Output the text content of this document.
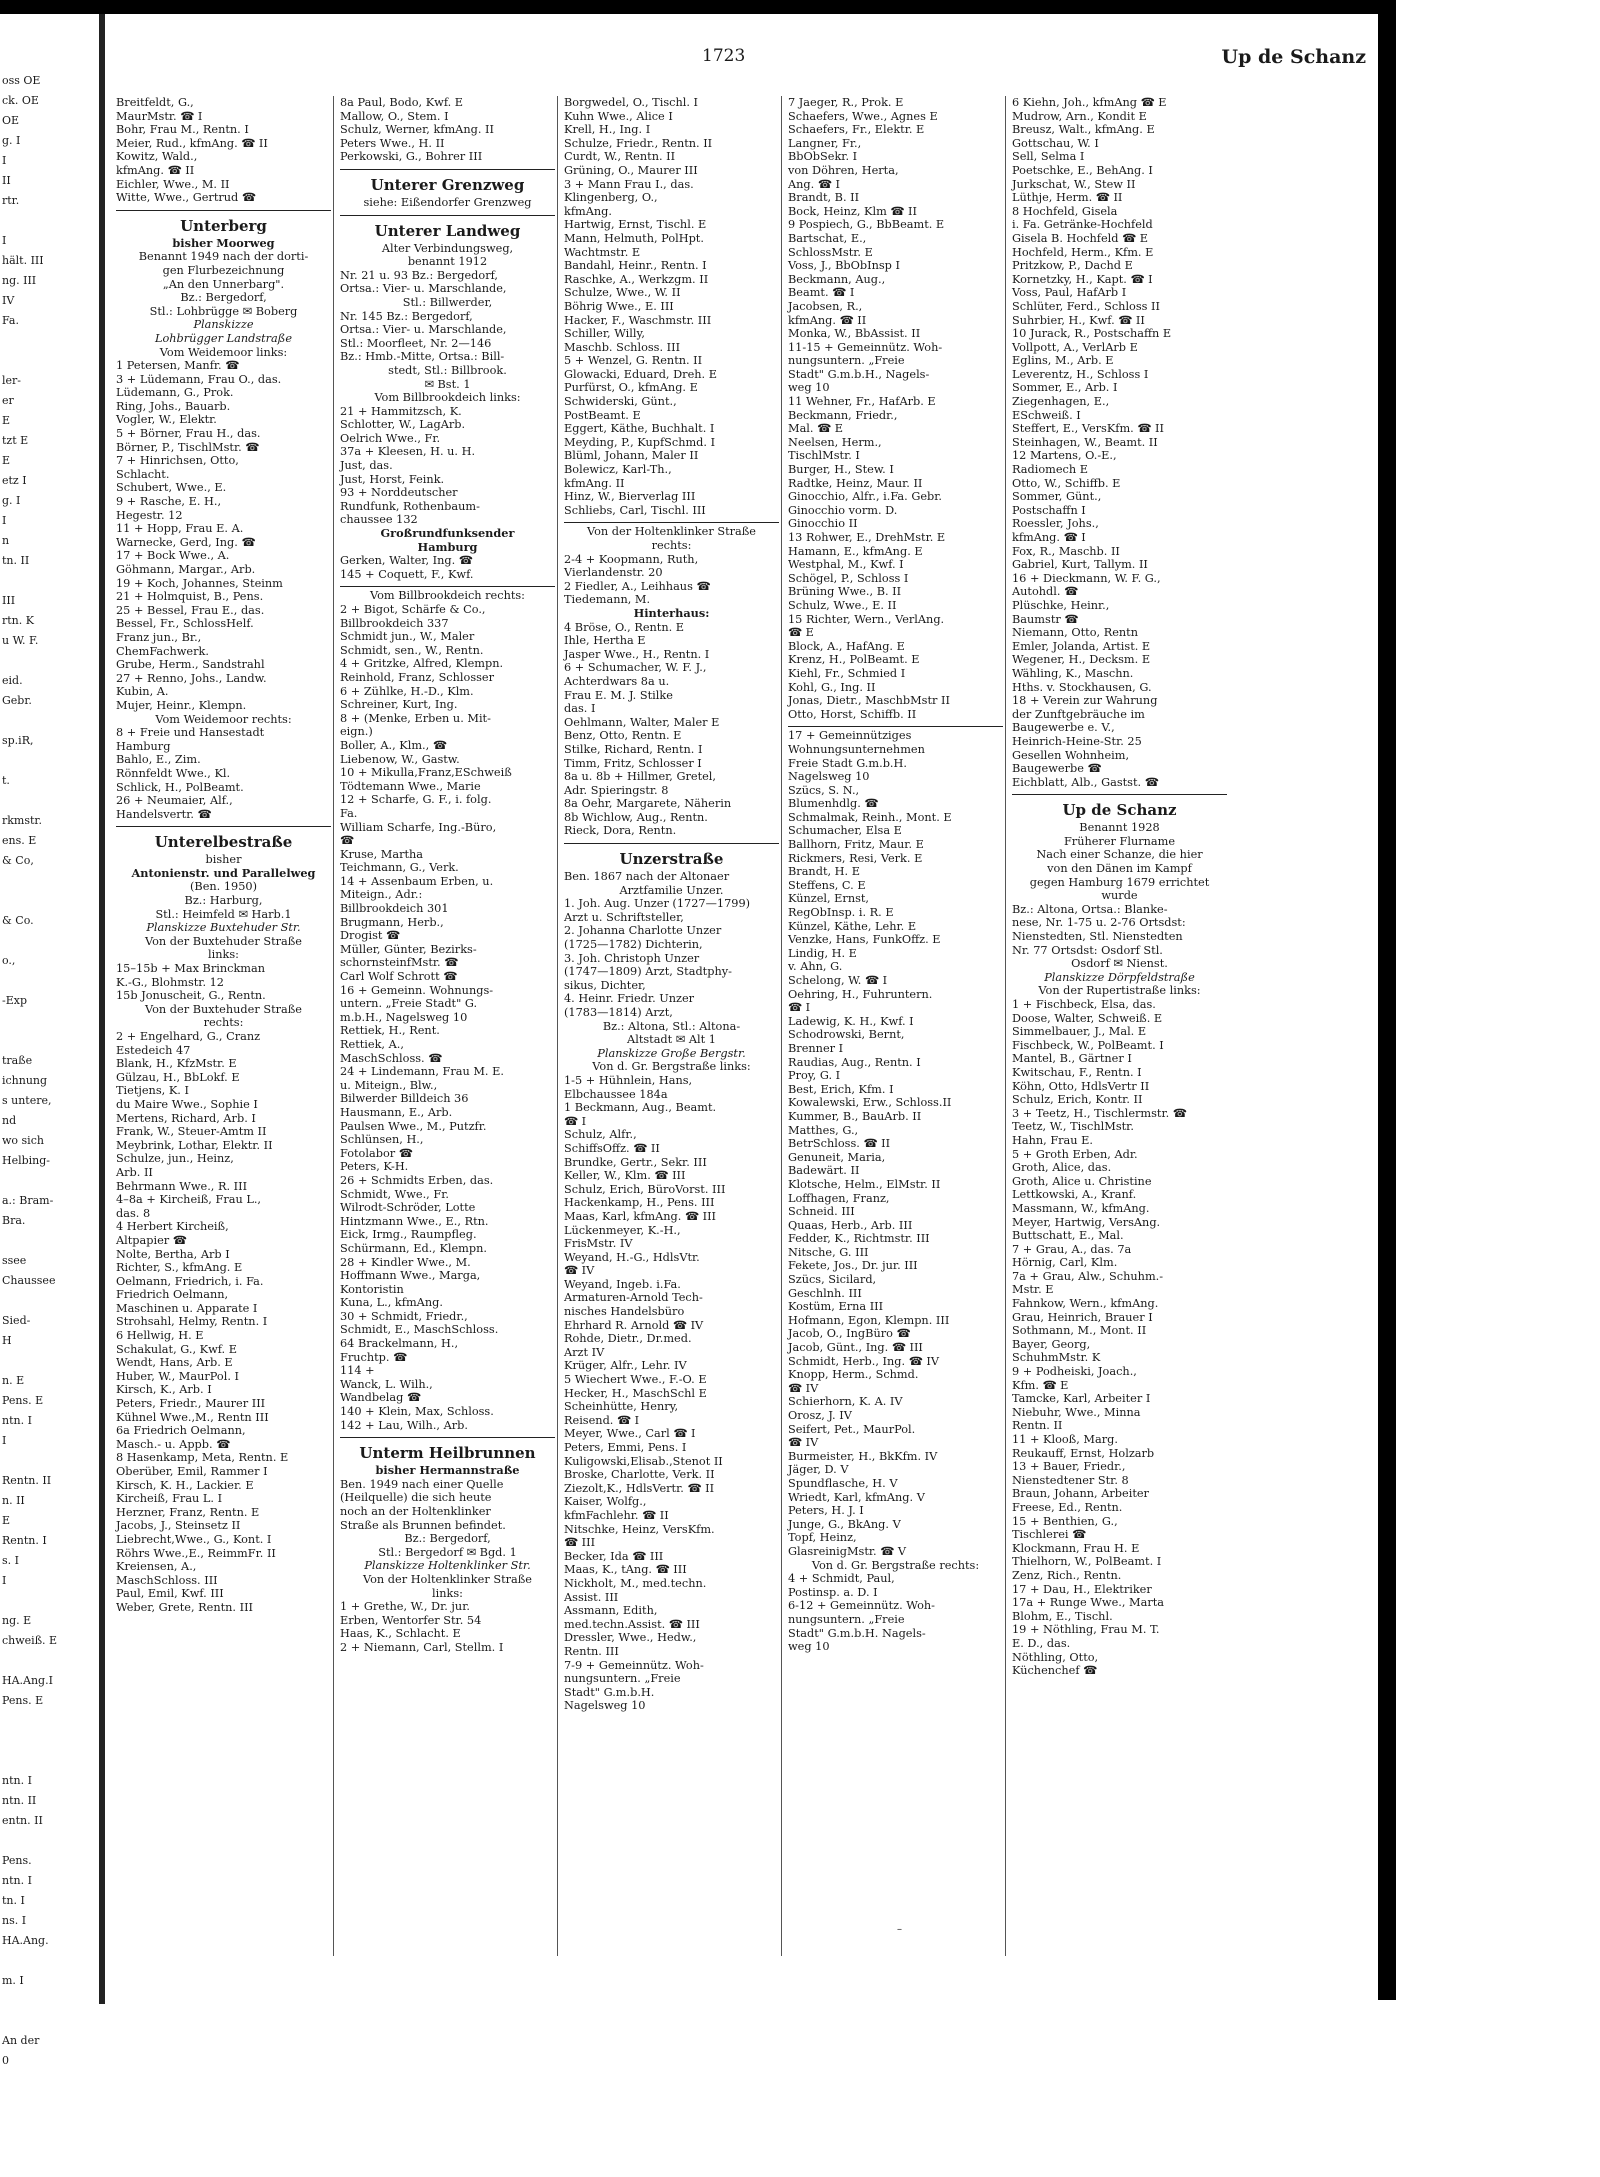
oss OE
ck. OE
OE
g. I
I
II
rtr.
I
hält. III
ng. III
IV
Fa.
ler-
er
E
tzt E
E
etz I
g. I
I
n
tn. II
III
rtn. K
u W. F.
eid.
Gebr.
sp.iR,
t.
rkmstr.
ens. E
& Co,
& Co.
o.,
-Exp
traße
ichnung
s untere,
nd
wo sich
Helbing-
a.: Bram-
Bra.
ssee
Chaussee
Sied-
H
n. E
Pens. E
ntn. I
I
Rentn. II
n. II
E
Rentn. I
s. I
I
ng. E
chweiß. E
HA.Ang.I
Pens. E
ntn. I
ntn. II
entn. II
Pens.
ntn. I
tn. I
ns. I
HA.Ang.
m. I
An der
0
1723	Up de Schanz
Breitfeldt, G.,
MaurMstr. ☎ I
Bohr, Frau M., Rentn. I
Meier, Rud., kfmAng. ☎ II
Kowitz, Wald.,
kfmAng. ☎ II
Eichler, Wwe., M. II
Witte, Wwe., Gertrud ☎
Unterberg
bisher Moorweg
Benannt 1949 nach der dorti-
gen Flurbezeichnung
„An den Unnerbarg".
Bz.: Bergedorf,
Stl.: Lohbrügge ✉ Boberg
Planskizze
Lohbrügger Landstraße
Vom Weidemoor links:
1 Petersen, Manfr. ☎
3 + Lüdemann, Frau O., das.
Lüdemann, G., Prok.
Ring, Johs., Bauarb.
Vogler, W., Elektr.
5 + Börner, Frau H., das.
Börner, P., TischlMstr. ☎
7 + Hinrichsen, Otto,
Schlacht.
Schubert, Wwe., E.
9 + Rasche, E. H.,
Hegestr. 12
11 + Hopp, Frau E. A.
Warnecke, Gerd, Ing. ☎
17 + Bock Wwe., A.
Göhmann, Margar., Arb.
19 + Koch, Johannes, Steinm
21 + Holmquist, B., Pens.
25 + Bessel, Frau E., das.
Bessel, Fr., SchlossHelf.
Franz jun., Br.,
ChemFachwerk.
Grube, Herm., Sandstrahl
27 + Renno, Johs., Landw.
Kubin, A.
Mujer, Heinr., Klempn.
Vom Weidemoor rechts:
8 + Freie und Hansestadt
Hamburg
Bahlo, E., Zim.
Rönnfeldt Wwe., Kl.
Schlick, H., PolBeamt.
26 + Neumaier, Alf.,
Handelsvertr. ☎
Unterelbestraße
bisher
Antonienstr. und Parallelweg
(Ben. 1950)
Bz.: Harburg,
Stl.: Heimfeld ✉ Harb.1
Planskizze Buxtehuder Str.
Von der Buxtehuder Straße
links:
15–15b + Max Brinckman
K.-G., Blohmstr. 12
15b Jonuscheit, G., Rentn.
Von der Buxtehuder Straße
rechts:
2 + Engelhard, G., Cranz
Estedeich 47
Blank, H., KfzMstr. E
Gülzau, H., BbLokf. E
Tietjens, K. I
du Maire Wwe., Sophie I
Mertens, Richard, Arb. I
Frank, W., Steuer-Amtm II
Meybrink, Lothar, Elektr. II
Schulze, jun., Heinz,
Arb. II
Behrmann Wwe., R. III
4–8a + Kircheiß, Frau L.,
das. 8
4 Herbert Kircheiß,
Altpapier ☎
Nolte, Bertha, Arb I
Richter, S., kfmAng. E
Oelmann, Friedrich, i. Fa.
Friedrich Oelmann,
Maschinen u. Apparate I
Strohsahl, Helmy, Rentn. I
6 Hellwig, H. E
Schakulat, G., Kwf. E
Wendt, Hans, Arb. E
Huber, W., MaurPol. I
Kirsch, K., Arb. I
Peters, Friedr., Maurer III
Kühnel Wwe.,M., Rentn III
6a Friedrich Oelmann,
Masch.- u. Appb. ☎
8 Hasenkamp, Meta, Rentn. E
Oberüber, Emil, Rammer I
Kirsch, K. H., Lackier. E
Kircheiß, Frau L. I
Herzner, Franz, Rentn. E
Jacobs, J., Steinsetz II
Liebrecht,Wwe., G., Kont. I
Röhrs Wwe.,E., ReimmFr. II
Kreiensen, A.,
MaschSchloss. III
Paul, Emil, Kwf. III
Weber, Grete, Rentn. III
8a Paul, Bodo, Kwf. E
Mallow, O., Stem. I
Schulz, Werner, kfmAng. II
Peters Wwe., H. II
Perkowski, G., Bohrer III
Unterer Grenzweg
siehe: Eißendorfer Grenzweg
Unterer Landweg
Alter Verbindungsweg,
benannt 1912
Nr. 21 u. 93 Bz.: Bergedorf,
Ortsa.: Vier- u. Marschlande,
Stl.: Billwerder,
Nr. 145 Bz.: Bergedorf,
Ortsa.: Vier- u. Marschlande,
Stl.: Moorfleet, Nr. 2—146
Bz.: Hmb.-Mitte, Ortsa.: Bill-
stedt, Stl.: Billbrook.
✉ Bst. 1
Vom Billbrookdeich links:
21 + Hammitzsch, K.
Schlotter, W., LagArb.
Oelrich Wwe., Fr.
37a + Kleesen, H. u. H.
Just, das.
Just, Horst, Feink.
93 + Norddeutscher
Rundfunk, Rothenbaum-
chaussee 132
Großrundfunksender
Hamburg
Gerken, Walter, Ing. ☎
145 + Coquett, F., Kwf.
Vom Billbrookdeich rechts:
2 + Bigot, Schärfe & Co.,
Billbrookdeich 337
Schmidt jun., W., Maler
Schmidt, sen., W., Rentn.
4 + Gritzke, Alfred, Klempn.
Reinhold, Franz, Schlosser
6 + Zühlke, H.-D., Klm.
Schreiner, Kurt, Ing.
8 + (Menke, Erben u. Mit-
eign.)
Boller, A., Klm., ☎
Liebenow, W., Gastw.
10 + Mikulla,Franz,ESchweiß
Tödtemann Wwe., Marie
12 + Scharfe, G. F., i. folg.
Fa.
William Scharfe, Ing.-Büro,
☎
Kruse, Martha
Teichmann, G., Verk.
14 + Assenbaum Erben, u.
Miteign., Adr.:
Billbrookdeich 301
Brugmann, Herb.,
Drogist ☎
Müller, Günter, Bezirks-
schornsteinfMstr. ☎
Carl Wolf Schrott ☎
16 + Gemeinn. Wohnungs-
untern. „Freie Stadt" G.
m.b.H., Nagelsweg 10
Rettiek, H., Rent.
Rettiek, A.,
MaschSchloss. ☎
24 + Lindemann, Frau M. E.
u. Miteign., Blw.,
Bilwerder Billdeich 36
Hausmann, E., Arb.
Paulsen Wwe., M., Putzfr.
Schlünsen, H.,
Fotolabor ☎
Peters, K-H.
26 + Schmidts Erben, das.
Schmidt, Wwe., Fr.
Wilrodt-Schröder, Lotte
Hintzmann Wwe., E., Rtn.
Eick, Irmg., Raumpfleg.
Schürmann, Ed., Klempn.
28 + Kindler Wwe., M.
Hoffmann Wwe., Marga,
Kontoristin
Kuna, L., kfmAng.
30 + Schmidt, Friedr.,
Schmidt, E., MaschSchloss.
64 Brackelmann, H.,
Fruchtp. ☎
114 +
Wanck, L. Wilh.,
Wandbelag ☎
140 + Klein, Max, Schloss.
142 + Lau, Wilh., Arb.
Unterm Heilbrunnen
bisher Hermannstraße
Ben. 1949 nach einer Quelle
(Heilquelle) die sich heute
noch an der Holtenklinker
Straße als Brunnen befindet.
Bz.: Bergedorf,
Stl.: Bergedorf ✉ Bgd. 1
Planskizze Holtenklinker Str.
Von der Holtenklinker Straße
links:
1 + Grethe, W., Dr. jur.
Erben, Wentorfer Str. 54
Haas, K., Schlacht. E
2 + Niemann, Carl, Stellm. I
Borgwedel, O., Tischl. I
Kuhn Wwe., Alice I
Krell, H., Ing. I
Schulze, Friedr., Rentn. II
Curdt, W., Rentn. II
Grüning, O., Maurer III
3 + Mann Frau I., das.
Klingenberg, O.,
kfmAng.
Hartwig, Ernst, Tischl. E
Mann, Helmuth, PolHpt.
Wachtmstr. E
Bandahl, Heinr., Rentn. I
Raschke, A., Werkzgm. II
Schulze, Wwe., W. II
Böhrig Wwe., E. III
Hacker, F., Waschmstr. III
Schiller, Willy,
Maschb. Schloss. III
5 + Wenzel, G. Rentn. II
Glowacki, Eduard, Dreh. E
Purfürst, O., kfmAng. E
Schwiderski, Günt.,
PostBeamt. E
Eggert, Käthe, Buchhalt. I
Meyding, P., KupfSchmd. I
Blüml, Johann, Maler II
Bolewicz, Karl-Th.,
kfmAng. II
Hinz, W., Bierverlag III
Schliebs, Carl, Tischl. III
Von der Holtenklinker Straße
rechts:
2-4 + Koopmann, Ruth,
Vierlandenstr. 20
2 Fiedler, A., Leihhaus ☎
Tiedemann, M.
Hinterhaus:
4 Bröse, O., Rentn. E
Ihle, Hertha E
Jasper Wwe., H., Rentn. I
6 + Schumacher, W. F. J.,
Achterdwars 8a u.
Frau E. M. J. Stilke
das. I
Oehlmann, Walter, Maler E
Benz, Otto, Rentn. E
Stilke, Richard, Rentn. I
Timm, Fritz, Schlosser I
8a u. 8b + Hillmer, Gretel,
Adr. Spieringstr. 8
8a Oehr, Margarete, Näherin
8b Wichlow, Aug., Rentn.
Rieck, Dora, Rentn.
Unzerstraße
Ben. 1867 nach der Altonaer
Arztfamilie Unzer.
1. Joh. Aug. Unzer (1727—1799)
Arzt u. Schriftsteller,
2. Johanna Charlotte Unzer
(1725—1782) Dichterin,
3. Joh. Christoph Unzer
(1747—1809) Arzt, Stadtphy-
sikus, Dichter,
4. Heinr. Friedr. Unzer
(1783—1814) Arzt,
Bz.: Altona, Stl.: Altona-
Altstadt ✉ Alt 1
Planskizze Große Bergstr.
Von d. Gr. Bergstraße links:
1-5 + Hühnlein, Hans,
Elbchaussee 184a
1 Beckmann, Aug., Beamt.
☎ I
Schulz, Alfr.,
SchiffsOffz. ☎ II
Brundke, Gertr., Sekr. III
Keller, W., Klm. ☎ III
Schulz, Erich, BüroVorst. III
Hackenkamp, H., Pens. III
Maas, Karl, kfmAng. ☎ III
Lückenmeyer, K.-H.,
FrisMstr. IV
Weyand, H.-G., HdlsVtr.
☎ IV
Weyand, Ingeb. i.Fa.
Armaturen-Arnold Tech-
nisches Handelsbüro
Ehrhard R. Arnold ☎ IV
Rohde, Dietr., Dr.med.
Arzt IV
Krüger, Alfr., Lehr. IV
5 Wiechert Wwe., F.-O. E
Hecker, H., MaschSchl E
Scheinhütte, Henry,
Reisend. ☎ I
Meyer, Wwe., Carl ☎ I
Peters, Emmi, Pens. I
Kuligowski,Elisab.,Stenot II
Broske, Charlotte, Verk. II
Ziezolt,K., HdlsVertr. ☎ II
Kaiser, Wolfg.,
kfmFachlehr. ☎ II
Nitschke, Heinz, VersKfm.
☎ III
Becker, Ida ☎ III
Maas, K., tAng. ☎ III
Nickholt, M., med.techn.
Assist. III
Assmann, Edith,
med.techn.Assist. ☎ III
Dressler, Wwe., Hedw.,
Rentn. III
7-9 + Gemeinnütz. Woh-
nungsuntern. „Freie
Stadt" G.m.b.H.
Nagelsweg 10
7 Jaeger, R., Prok. E
Schaefers, Wwe., Agnes E
Schaefers, Fr., Elektr. E
Langner, Fr.,
BbObSekr. I
von Döhren, Herta,
Ang. ☎ I
Brandt, B. II
Bock, Heinz, Klm ☎ II
9 Pospiech, G., BbBeamt. E
Bartschat, E.,
SchlossMstr. E
Voss, J., BbObInsp I
Beckmann, Aug.,
Beamt. ☎ I
Jacobsen, R.,
kfmAng. ☎ II
Monka, W., BbAssist. II
11-15 + Gemeinnütz. Woh-
nungsuntern. „Freie
Stadt" G.m.b.H., Nagels-
weg 10
11 Wehner, Fr., HafArb. E
Beckmann, Friedr.,
Mal. ☎ E
Neelsen, Herm.,
TischlMstr. I
Burger, H., Stew. I
Radtke, Heinz, Maur. II
Ginocchio, Alfr., i.Fa. Gebr.
Ginocchio vorm. D.
Ginocchio II
13 Rohwer, E., DrehMstr. E
Hamann, E., kfmAng. E
Westphal, M., Kwf. I
Schögel, P., Schloss I
Brüning Wwe., B. II
Schulz, Wwe., E. II
15 Richter, Wern., VerlAng.
☎ E
Block, A., HafAng. E
Krenz, H., PolBeamt. E
Kiehl, Fr., Schmied I
Kohl, G., Ing. II
Jonas, Dietr., MaschbMstr II
Otto, Horst, Schiffb. II
17 + Gemeinnütziges
Wohnungsunternehmen
Freie Stadt G.m.b.H.
Nagelsweg 10
Szücs, S. N.,
Blumenhdlg. ☎
Schmalmak, Reinh., Mont. E
Schumacher, Elsa E
Ballhorn, Fritz, Maur. E
Rickmers, Resi, Verk. E
Brandt, H. E
Steffens, C. E
Künzel, Ernst,
RegObInsp. i. R. E
Künzel, Käthe, Lehr. E
Venzke, Hans, FunkOffz. E
Lindig, H. E
v. Ahn, G.
Schelong, W. ☎ I
Oehring, H., Fuhruntern.
☎ I
Ladewig, K. H., Kwf. I
Schodrowski, Bernt,
Brenner I
Raudias, Aug., Rentn. I
Proy, G. I
Best, Erich, Kfm. I
Kowalewski, Erw., Schloss.II
Kummer, B., BauArb. II
Matthes, G.,
BetrSchloss. ☎ II
Genuneit, Maria,
Badewärt. II
Klotsche, Helm., ElMstr. II
Loffhagen, Franz,
Schneid. III
Quaas, Herb., Arb. III
Fedder, K., Richtmstr. III
Nitsche, G. III
Fekete, Jos., Dr. jur. III
Szücs, Sicilard,
Geschlnh. III
Kostüm, Erna III
Hofmann, Egon, Klempn. III
Jacob, O., IngBüro ☎
Jacob, Günt., Ing. ☎ III
Schmidt, Herb., Ing. ☎ IV
Knopp, Herm., Schmd.
☎ IV
Schierhorn, K. A. IV
Orosz, J. IV
Seifert, Pet., MaurPol.
☎ IV
Burmeister, H., BkKfm. IV
Jäger, D. V
Spundflasche, H. V
Wriedt, Karl, kfmAng. V
Peters, H. J. I
Junge, G., BkAng. V
Topf, Heinz,
GlasreinigMstr. ☎ V
Von d. Gr. Bergstraße rechts:
4 + Schmidt, Paul,
Postinsp. a. D. I
6-12 + Gemeinnütz. Woh-
nungsuntern. „Freie
Stadt" G.m.b.H. Nagels-
weg 10
6 Kiehn, Joh., kfmAng ☎ E
Mudrow, Arn., Kondit E
Breusz, Walt., kfmAng. E
Gottschau, W. I
Sell, Selma I
Poetschke, E., BehAng. I
Jurkschat, W., Stew II
Lüthje, Herm. ☎ II
8 Hochfeld, Gisela
i. Fa. Getränke-Hochfeld
Gisela B. Hochfeld ☎ E
Hochfeld, Herm., Kfm. E
Pritzkow, P., Dachd E
Kornetzky, H., Kapt. ☎ I
Voss, Paul, HafArb I
Schlüter, Ferd., Schloss II
Suhrbier, H., Kwf. ☎ II
10 Jurack, R., Postschaffn E
Vollpott, A., VerlArb E
Eglins, M., Arb. E
Leverentz, H., Schloss I
Sommer, E., Arb. I
Ziegenhagen, E.,
ESchweiß. I
Steffert, E., VersKfm. ☎ II
Steinhagen, W., Beamt. II
12 Martens, O.-E.,
Radiomech E
Otto, W., Schiffb. E
Sommer, Günt.,
Postschaffn I
Roessler, Johs.,
kfmAng. ☎ I
Fox, R., Maschb. II
Gabriel, Kurt, Tallym. II
16 + Dieckmann, W. F. G.,
Autohdl. ☎
Plüschke, Heinr.,
Baumstr ☎
Niemann, Otto, Rentn
Emler, Jolanda, Artist. E
Wegener, H., Decksm. E
Wähling, K., Maschn.
Hths. v. Stockhausen, G.
18 + Verein zur Wahrung
der Zunftgebräuche im
Baugewerbe e. V.,
Heinrich-Heine-Str. 25
Gesellen Wohnheim,
Baugewerbe ☎
Eichblatt, Alb., Gastst. ☎
Up de Schanz
Benannt 1928
Früherer Flurname
Nach einer Schanze, die hier
von den Dänen im Kampf
gegen Hamburg 1679 errichtet
wurde
Bz.: Altona, Ortsa.: Blanke-
nese, Nr. 1-75 u. 2-76 Ortsdst:
Nienstedten, Stl. Nienstedten
Nr. 77 Ortsdst: Osdorf Stl.
Osdorf ✉ Nienst.
Planskizze Dörpfeldstraße
Von der Rupertistraße links:
1 + Fischbeck, Elsa, das.
Doose, Walter, Schweiß. E
Simmelbauer, J., Mal. E
Fischbeck, W., PolBeamt. I
Mantel, B., Gärtner I
Kwitschau, F., Rentn. I
Köhn, Otto, HdlsVertr II
Schulz, Erich, Kontr. II
3 + Teetz, H., Tischlermstr. ☎
Teetz, W., TischlMstr.
Hahn, Frau E.
5 + Groth Erben, Adr.
Groth, Alice, das.
Groth, Alice u. Christine
Lettkowski, A., Kranf.
Massmann, W., kfmAng.
Meyer, Hartwig, VersAng.
Buttschatt, E., Mal.
7 + Grau, A., das. 7a
Hörnig, Carl, Klm.
7a + Grau, Alw., Schuhm.-
Mstr. E
Fahnkow, Wern., kfmAng.
Grau, Heinrich, Brauer I
Sothmann, M., Mont. II
Bayer, Georg,
SchuhmMstr. K
9 + Podheiski, Joach.,
Kfm. ☎ E
Tamcke, Karl, Arbeiter I
Niebuhr, Wwe., Minna
Rentn. II
11 + Klooß, Marg.
Reukauff, Ernst, Holzarb
13 + Bauer, Friedr.,
Nienstedtener Str. 8
Braun, Johann, Arbeiter
Freese, Ed., Rentn.
15 + Benthien, G.,
Tischlerei ☎
Klockmann, Frau H. E
Thielhorn, W., PolBeamt. I
Zenz, Rich., Rentn.
17 + Dau, H., Elektriker
17a + Runge Wwe., Marta
Blohm, E., Tischl.
19 + Nöthling, Frau M. T.
E. D., das.
Nöthling, Otto,
Küchenchef ☎
–
